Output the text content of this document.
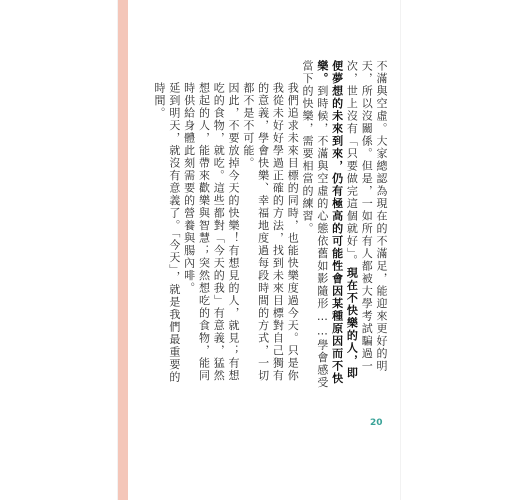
不滿與空虛。大家總認為現在的不滿足，能迎來更好的明天，所以沒關係。但是，一如所有人都被大學考試騙過一次，世上沒有「只要做完這個就好」。現在不快樂的人，即便夢想的未來到來，仍有極高的可能性會因某種原因而不快樂。到時候，不滿與空虛的心態依舊如影隨形……學會感受當下的快樂，需要相當的練習。

我們追求未來目標的同時，也能快樂度過今天。只是你我從未好好學過正確的方法，找到未來目標對自己獨有的意義，學會快樂、幸福地度過每段時間的方式，一切都不是不可能。

因此，不要放掉今天的快樂！有想見的人，就見；有想吃的食物，就吃。這些都對「今天的我」有意義，猛然想起的人，能帶來歡樂與智慧；突然想吃的食物，能同時供給身體此刻需要的營養與腸內啡。

延到明天，就沒有意義了。「今天」，就是我們最重要的時間。

20
